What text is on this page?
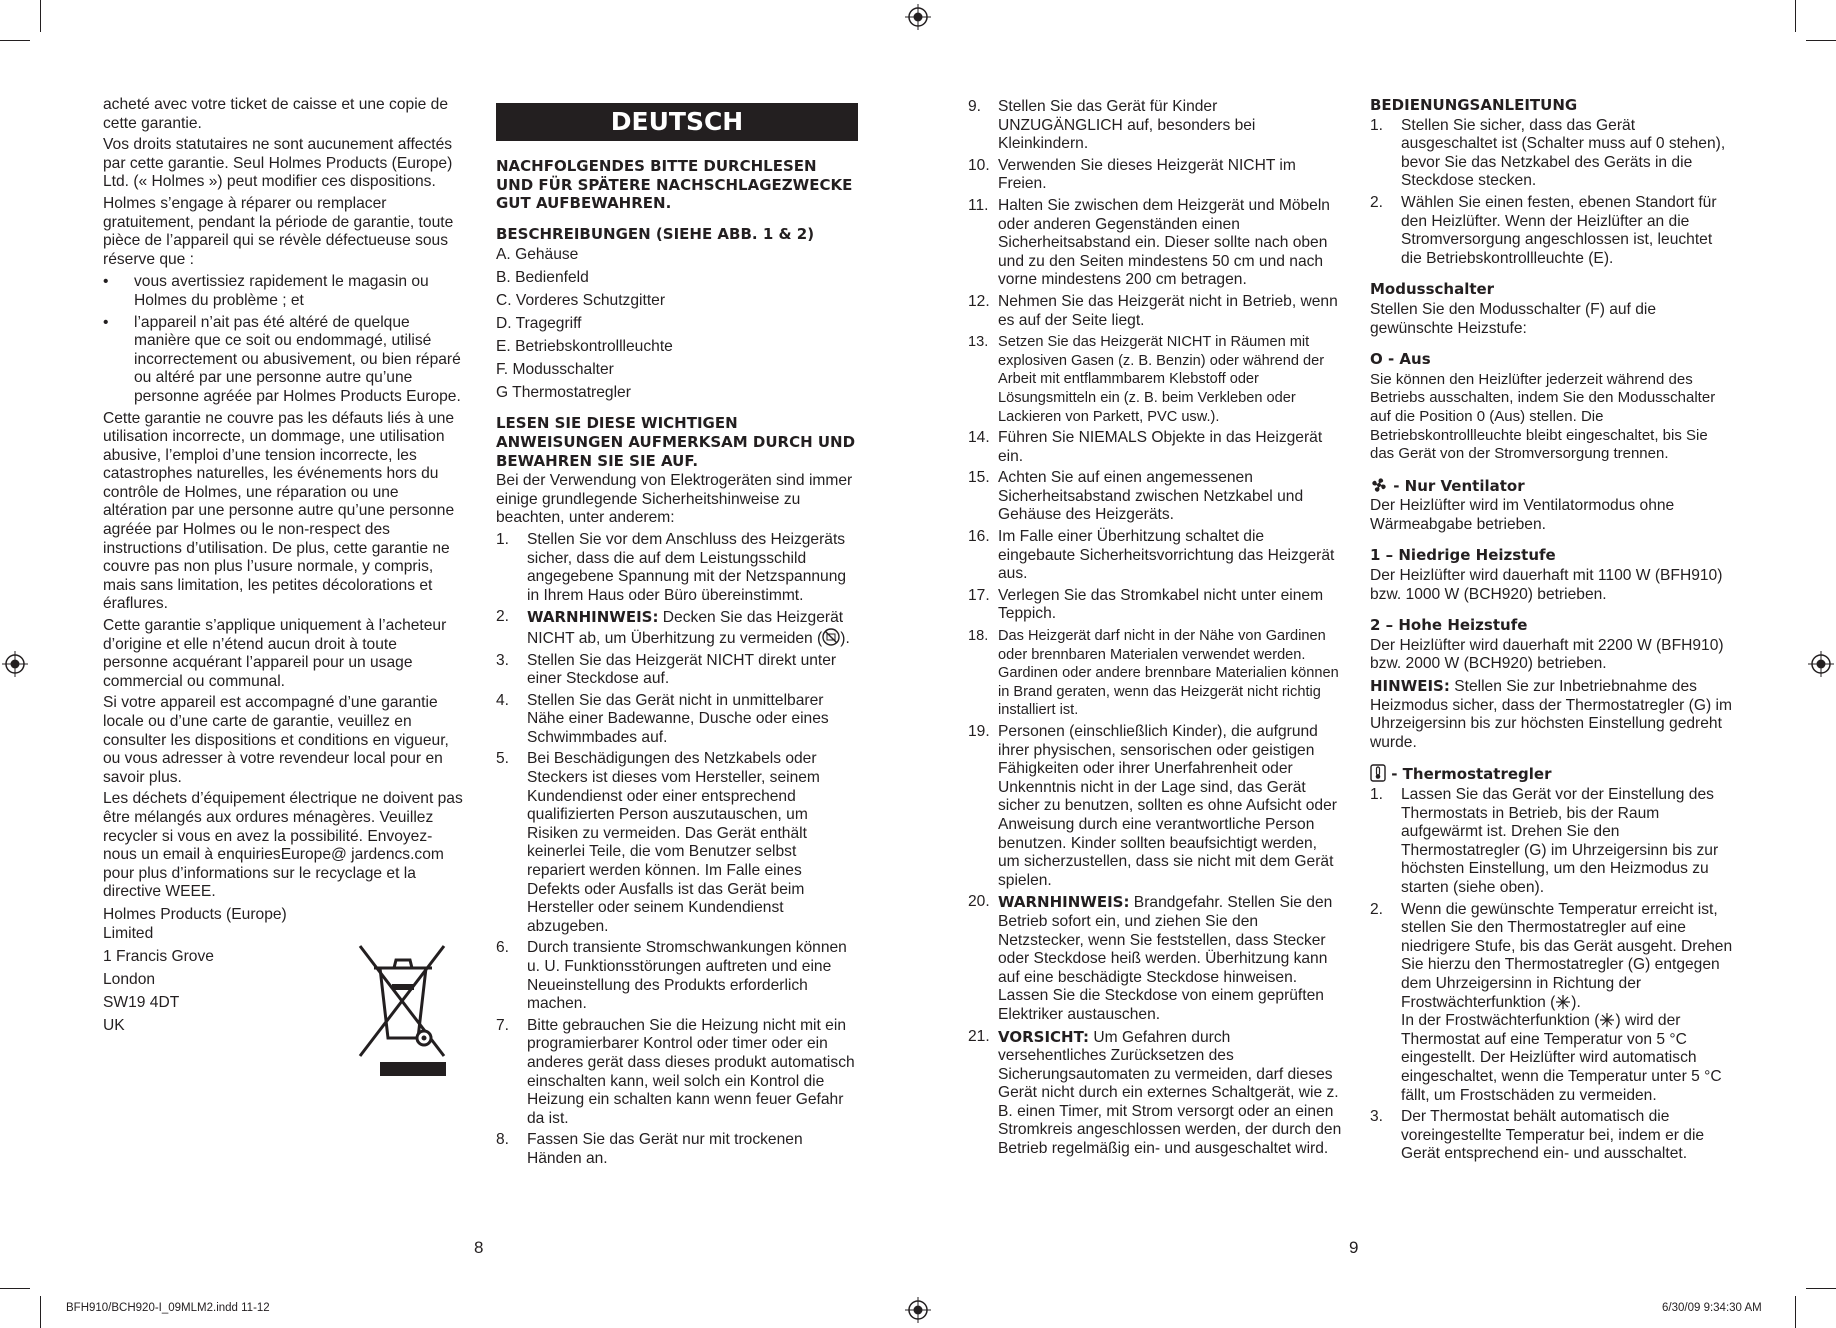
acheté avec votre ticket de caisse et une copie de cette garantie.

Vos droits statutaires ne sont aucunement affectés par cette garantie. Seul Holmes Products (Europe) Ltd. (« Holmes ») peut modifier ces dispositions.

Holmes s’engage à réparer ou remplacer gratuitement, pendant la période de garantie, toute pièce de l’appareil qui se révèle défectueuse sous réserve que :

• vous avertissiez rapidement le magasin ou Holmes du problème ; et
• l’appareil n’ait pas été altéré de quelque manière que ce soit ou endommagé, utilisé incorrectement ou abusivement, ou bien réparé ou altéré par une personne autre qu’une personne agréée par Holmes Products Europe.

Cette garantie ne couvre pas les défauts liés à une utilisation incorrecte, un dommage, une utilisation abusive, l’emploi d’une tension incorrecte, les catastrophes naturelles, les événements hors du contrôle de Holmes, une réparation ou une altération par une personne autre qu’une personne agréée par Holmes ou le non-respect des instructions d’utilisation. De plus, cette garantie ne couvre pas non plus l’usure normale, y compris, mais sans limitation, les petites décolorations et éraflures.

Cette garantie s’applique uniquement à l’acheteur d’origine et elle n’étend aucun droit à toute personne acquérant l’appareil pour un usage commercial ou communal.

Si votre appareil est accompagné d’une garantie locale ou d’une carte de garantie, veuillez en consulter les dispositions et conditions en vigueur, ou vous adresser à votre revendeur local pour en savoir plus.

Les déchets d’équipement électrique ne doivent pas être mélangés aux ordures ménagères. Veuillez recycler si vous en avez la possibilité. Envoyez-nous un email à enquiriesEurope@ jardencs.com pour plus d’informations sur le recyclage et la directive WEEE.

Holmes Products (Europe) Limited

1 Francis Grove

London

SW19 4DT

UK

DEUTSCH
NACHFOLGENDES BITTE DURCHLESEN UND FÜR SPÄTERE NACHSCHLAGEZWECKE GUT AUFBEWAHREN.
BESCHREIBUNGEN (SIEHE ABB. 1 & 2)

A. Gehäuse

B. Bedienfeld

C. Vorderes Schutzgitter

D. Tragegriff

E. Betriebskontrollleuchte

F. Modusschalter

G Thermostatregler

LESEN SIE DIESE WICHTIGEN ANWEISUNGEN AUFMERKSAM DURCH UND BEWAHREN SIE SIE AUF.

Bei der Verwendung von Elektrogeräten sind immer einige grundlegende Sicherheitshinweise zu beachten, unter anderem:

1. Stellen Sie vor dem Anschluss des Heizgeräts sicher, dass die auf dem Leistungsschild angegebene Spannung mit der Netzspannung in Ihrem Haus oder Büro übereinstimmt.
2. WARNHINWEIS: Decken Sie das Heizgerät NICHT ab, um Überhitzung zu vermeiden ( ).
3. Stellen Sie das Heizgerät NICHT direkt unter einer Steckdose auf.
4. Stellen Sie das Gerät nicht in unmittelbarer Nähe einer Badewanne, Dusche oder eines Schwimmbades auf.
5. Bei Beschädigungen des Netzkabels oder Steckers ist dieses vom Hersteller, seinem Kundendienst oder einer entsprechend qualifizierten Person auszutauschen, um Risiken zu vermeiden. Das Gerät enthält keinerlei Teile, die vom Benutzer selbst repariert werden können. Im Falle eines Defekts oder Ausfalls ist das Gerät beim Hersteller oder seinem Kundendienst abzugeben.
6. Durch transiente Stromschwankungen können u. U. Funktionsstörungen auftreten und eine Neueinstellung des Produkts erforderlich machen.
7. Bitte gebrauchen Sie die Heizung nicht mit ein programierbarer Kontrol oder timer oder ein anderes gerät dass dieses produkt automatisch einschalten kann, weil solch ein Kontrol die Heizung ein schalten kann wenn feuer Gefahr da ist.
8. Fassen Sie das Gerät nur mit trockenen Händen an.
8
9. Stellen Sie das Gerät für Kinder UNZUGÄNGLICH auf, besonders bei Kleinkindern.
10. Verwenden Sie dieses Heizgerät NICHT im Freien.
11. Halten Sie zwischen dem Heizgerät und Möbeln oder anderen Gegenständen einen Sicherheitsabstand ein. Dieser sollte nach oben und zu den Seiten mindestens 50 cm und nach vorne mindestens 200 cm betragen.
12. Nehmen Sie das Heizgerät nicht in Betrieb, wenn es auf der Seite liegt.
13. Setzen Sie das Heizgerät NICHT in Räumen mit explosiven Gasen (z. B. Benzin) oder während der Arbeit mit entflammbarem Klebstoff oder Lösungsmitteln ein (z. B. beim Verkleben oder Lackieren von Parkett, PVC usw.).
14. Führen Sie NIEMALS Objekte in das Heizgerät ein.
15. Achten Sie auf einen angemessenen Sicherheitsabstand zwischen Netzkabel und Gehäuse des Heizgeräts.
16. Im Falle einer Überhitzung schaltet die eingebaute Sicherheitsvorrichtung das Heizgerät aus.
17. Verlegen Sie das Stromkabel nicht unter einem Teppich.
18. Das Heizgerät darf nicht in der Nähe von Gardinen oder brennbaren Materialen verwendet werden. Gardinen oder andere brennbare Materialien können in Brand geraten, wenn das Heizgerät nicht richtig installiert ist.
19. Personen (einschließlich Kinder), die aufgrund ihrer physischen, sensorischen oder geistigen Fähigkeiten oder ihrer Unerfahrenheit oder Unkenntnis nicht in der Lage sind, das Gerät sicher zu benutzen, sollten es ohne Aufsicht oder Anweisung durch eine verantwortliche Person benutzen. Kinder sollten beaufsichtigt werden, um sicherzustellen, dass sie nicht mit dem Gerät spielen.
20. WARNHINWEIS: Brandgefahr. Stellen Sie den Betrieb sofort ein, und ziehen Sie den Netzstecker, wenn Sie feststellen, dass Stecker oder Steckdose heiß werden. Überhitzung kann auf eine beschädigte Steckdose hinweisen. Lassen Sie die Steckdose von einem geprüften Elektriker austauschen.
21. VORSICHT: Um Gefahren durch versehentliches Zurücksetzen des Sicherungsautomaten zu vermeiden, darf dieses Gerät nicht durch ein externes Schaltgerät, wie z. B. einen Timer, mit Strom versorgt oder an einen Stromkreis angeschlossen werden, der durch den Betrieb regelmäßig ein- und ausgeschaltet wird.
BEDIENUNGSANLEITUNG
1. Stellen Sie sicher, dass das Gerät ausgeschaltet ist (Schalter muss auf 0 stehen), bevor Sie das Netzkabel des Geräts in die Steckdose stecken.
2. Wählen Sie einen festen, ebenen Standort für den Heizlüfter. Wenn der Heizlüfter an die Stromversorgung angeschlossen ist, leuchtet die Betriebskontrollleuchte (E).
Modusschalter

Stellen Sie den Modusschalter (F) auf die gewünschte Heizstufe:

O - Aus

Sie können den Heizlüfter jederzeit während des Betriebs ausschalten, indem Sie den Modusschalter auf die Position 0 (Aus) stellen. Die Betriebskontrollleuchte bleibt eingeschaltet, bis Sie das Gerät von der Stromversorgung trennen.

- Nur Ventilator

Der Heizlüfter wird im Ventilatormodus ohne Wärmeabgabe betrieben.

1 – Niedrige Heizstufe

Der Heizlüfter wird dauerhaft mit 1100 W (BFH910) bzw. 1000 W (BCH920) betrieben.

2 – Hohe Heizstufe

Der Heizlüfter wird dauerhaft mit 2200 W (BFH910) bzw. 2000 W (BCH920) betrieben.

HINWEIS: Stellen Sie zur Inbetriebnahme des Heizmodus sicher, dass der Thermostatregler (G) im Uhrzeigersinn bis zur höchsten Einstellung gedreht wurde.

- Thermostatregler
1. Lassen Sie das Gerät vor der Einstellung des Thermostats in Betrieb, bis der Raum aufgewärmt ist. Drehen Sie den Thermostatregler (G) im Uhrzeigersinn bis zur höchsten Einstellung, um den Heizmodus zu starten (siehe oben).
2. Wenn die gewünschte Temperatur erreicht ist, stellen Sie den Thermostatregler auf eine niedrigere Stufe, bis das Gerät ausgeht. Drehen Sie hierzu den Thermostatregler (G) entgegen dem Uhrzeigersinn in Richtung der Frostwächterfunktion ( ).
In der Frostwächterfunktion ( ) wird der Thermostat auf eine Temperatur von 5 °C eingestellt. Der Heizlüfter wird automatisch eingeschaltet, wenn die Temperatur unter 5 °C fällt, um Frostschäden zu vermeiden.
3. Der Thermostat behält automatisch die voreingestellte Temperatur bei, indem er die Gerät entsprechend ein- und ausschaltet.
9
BFH910/BCH920-I_09MLM2.indd 11-12	6/30/09 9:34:30 AM
